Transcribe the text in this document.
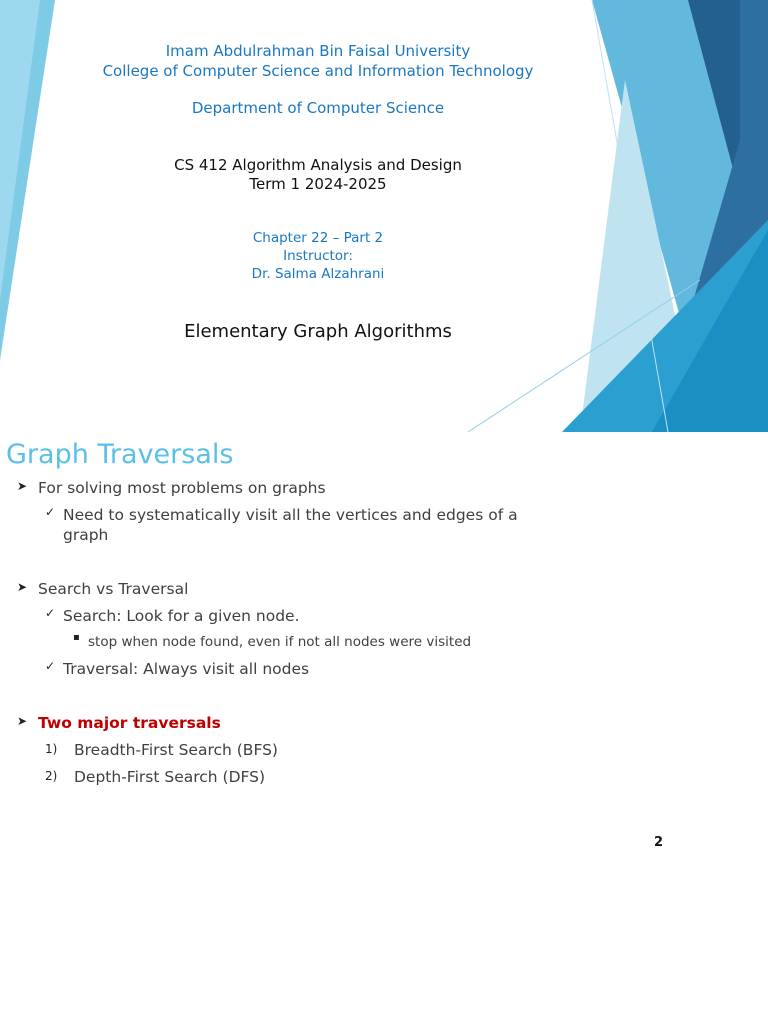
Imam Abdulrahman Bin Faisal University
College of Computer Science and Information Technology
Department of Computer Science
CS 412 Algorithm Analysis and Design
Term 1 2024-2025
Chapter 22 – Part 2
Instructor:
Dr. Salma Alzahrani
Elementary Graph Algorithms
Graph Traversals
➤ For solving most problems on graphs
✓ Need to systematically visit all the vertices and edges of a
graph
➤ Search vs Traversal
✓ Search: Look for a given node.
▪ stop when node found, even if not all nodes were visited
✓ Traversal: Always visit all nodes
➤ Two major traversals
1) Breadth-First Search (BFS)
2) Depth-First Search (DFS)
2
